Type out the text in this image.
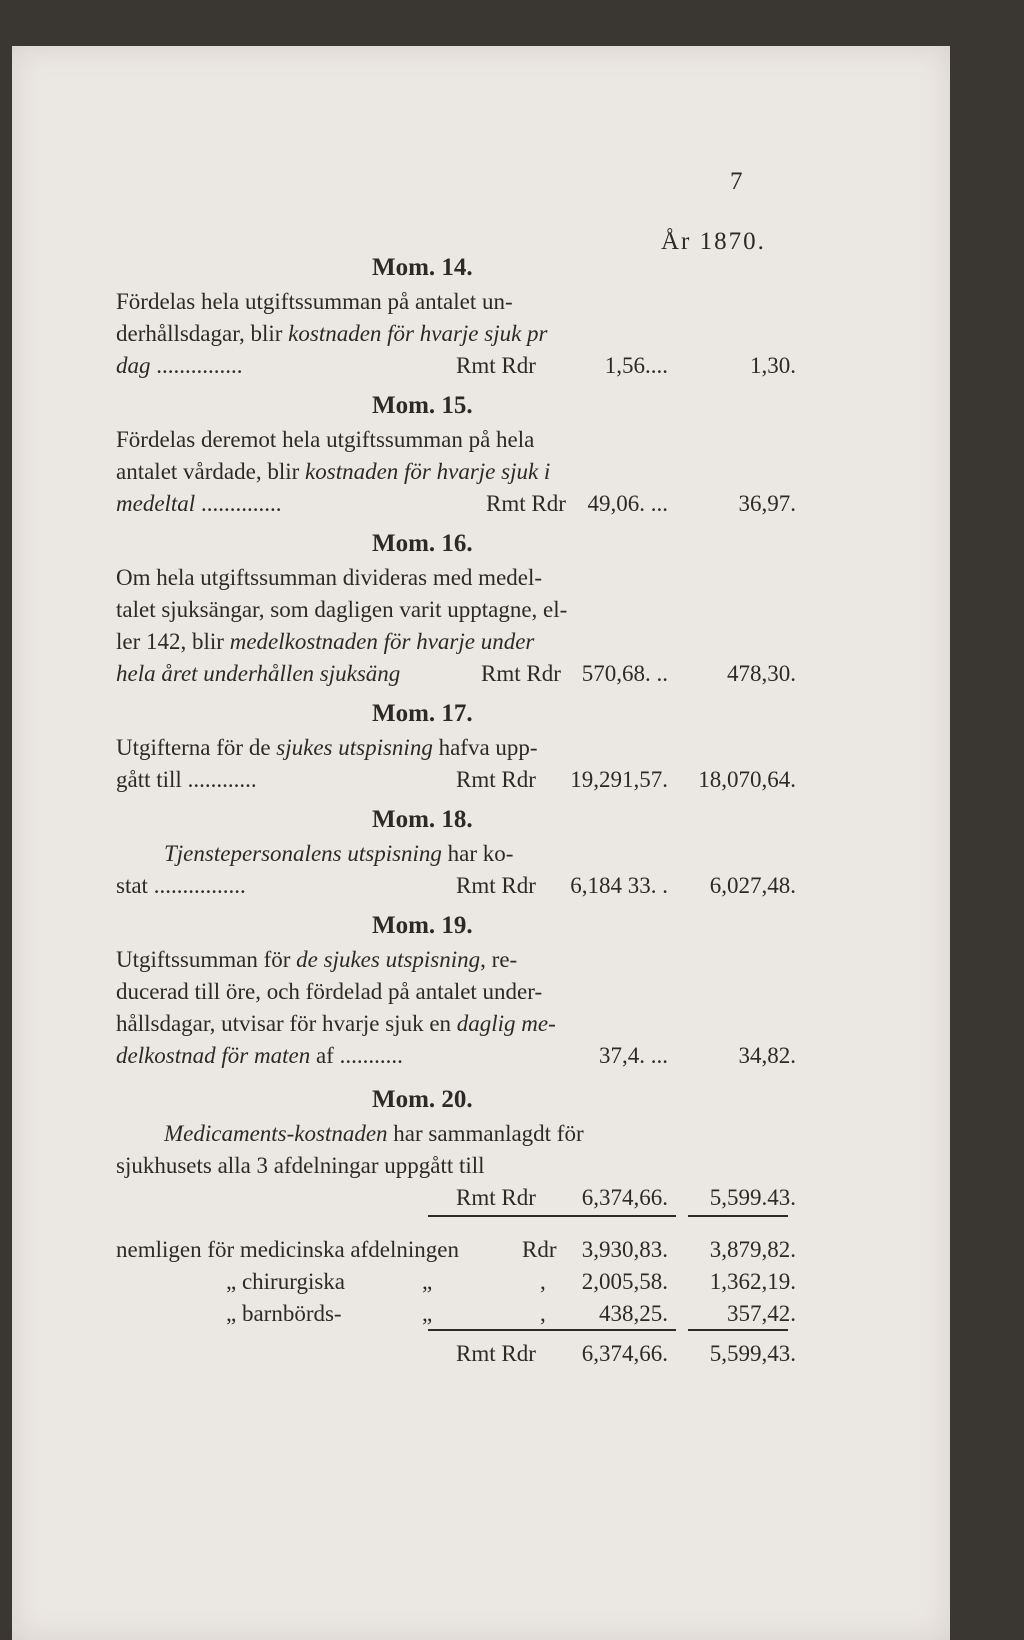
7
År 1870.
Mom. 14.
Fördelas hela utgiftssumman på antalet un-
derhållsdagar, blir kostnaden för hvarje sjuk pr
dag ...............	Rmt Rdr	1,56....	1,30.
Mom. 15.
Fördelas deremot hela utgiftssumman på hela
antalet vårdade, blir kostnaden för hvarje sjuk i
medeltal ..............	Rmt Rdr 49,06. ...	36,97.
Mom. 16.
Om hela utgiftssumman divideras med medel-
talet sjuksängar, som dagligen varit upptagne, el-
ler 142, blir medelkostnaden för hvarje under
hela året underhållen sjuksäng	Rmt Rdr 570,68. ..	478,30.
Mom. 17.
Utgifterna för de sjukes utspisning hafva upp-
gått till ............	Rmt Rdr 19,291,57. 18,070,64.
Mom. 18.
Tjenstepersonalens utspisning har ko-
stat ................	Rmt Rdr 6,184 33. . 6,027,48.
Mom. 19.
Utgiftssumman för de sjukes utspisning, re-
ducerad till öre, och fördelad på antalet under-
hållsdagar, utvisar för hvarje sjuk en daglig me-
delkostnad för maten af ...........	37,4. ...	34,82.
Mom. 20.
Medicaments-kostnaden har sammanlagdt för
sjukhusets alla 3 afdelningar uppgått till
Rmt Rdr 6,374,66. 5,599.43.
nemligen för medicinska afdelningen	Rdr 3,930,83. 3,879,82.
„ chirurgiska	„	, 2,005,58. 1,362,19.
„ barnbörds-	„	, 438,25.	357,42.
Rmt Rdr 6,374,66. 5,599,43.
